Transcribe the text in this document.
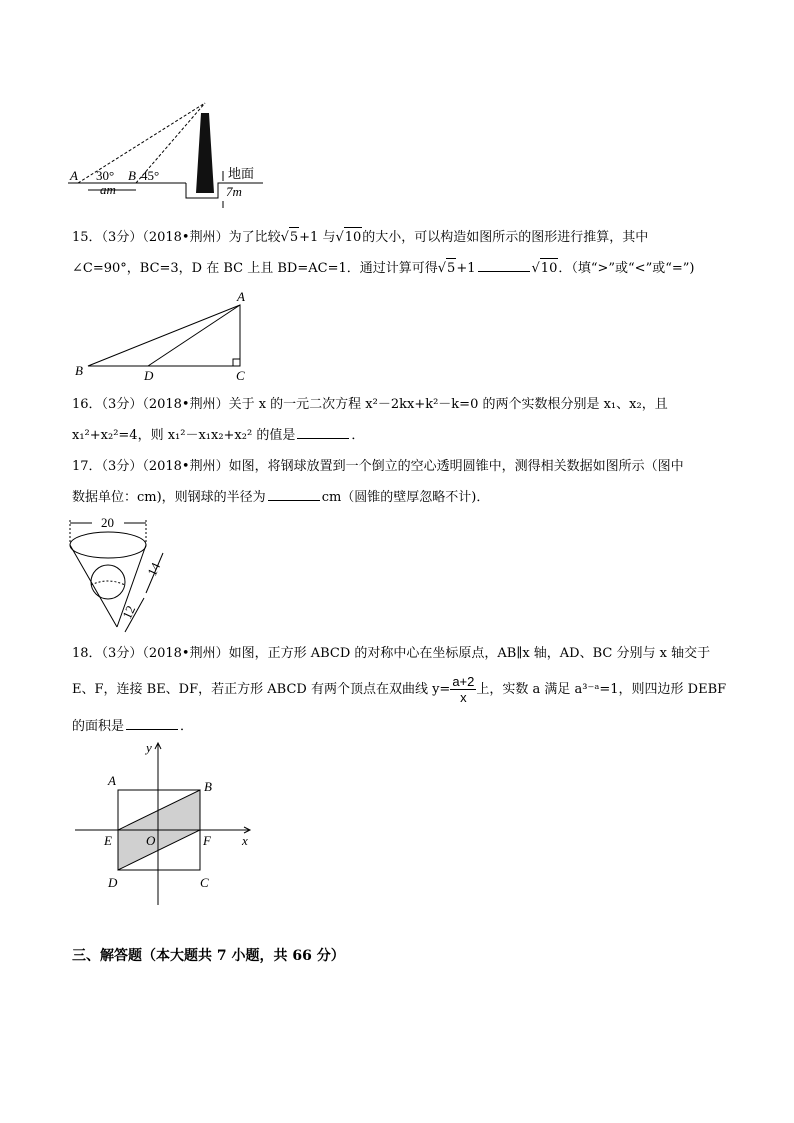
A 30° B 45°
am
地面
7m
15．（3分）（2018•荆州）为了比较√5+1 与√10的大小，可以构造如图所示的图形进行推算，其中
∠C=90°，BC=3，D 在 BC 上且 BD=AC=1．通过计算可得√5+1	√10．（填“>”或“<”或“=”)
A
B	D	C
16．（3分）（2018•荆州）关于 x 的一元二次方程 x²－2kx+k²－k=0 的两个实数根分别是 x₁、x₂，且
x₁²+x₂²=4，则 x₁²－x₁x₂+x₂² 的值是	．
17．（3分）（2018•荆州）如图，将钢球放置到一个倒立的空心透明圆锥中，测得相关数据如图所示（图中
数据单位：cm)，则钢球的半径为	cm（圆锥的壁厚忽略不计)．
20
14
12
18．（3分）（2018•荆州）如图，正方形 ABCD 的对称中心在坐标原点，AB∥x 轴，AD、BC 分别与 x 轴交于
E、F，连接 BE、DF，若正方形 ABCD 有两个顶点在双曲线 $y= \frac{a+2}{x}$ 上，实数 a 满足 a³⁻ᵃ=1，则四边形 DEBF
的面积是	．
A	B
E	O	F
D	C
y
x
三、解答题（本大题共 7 小题，共 66 分）
